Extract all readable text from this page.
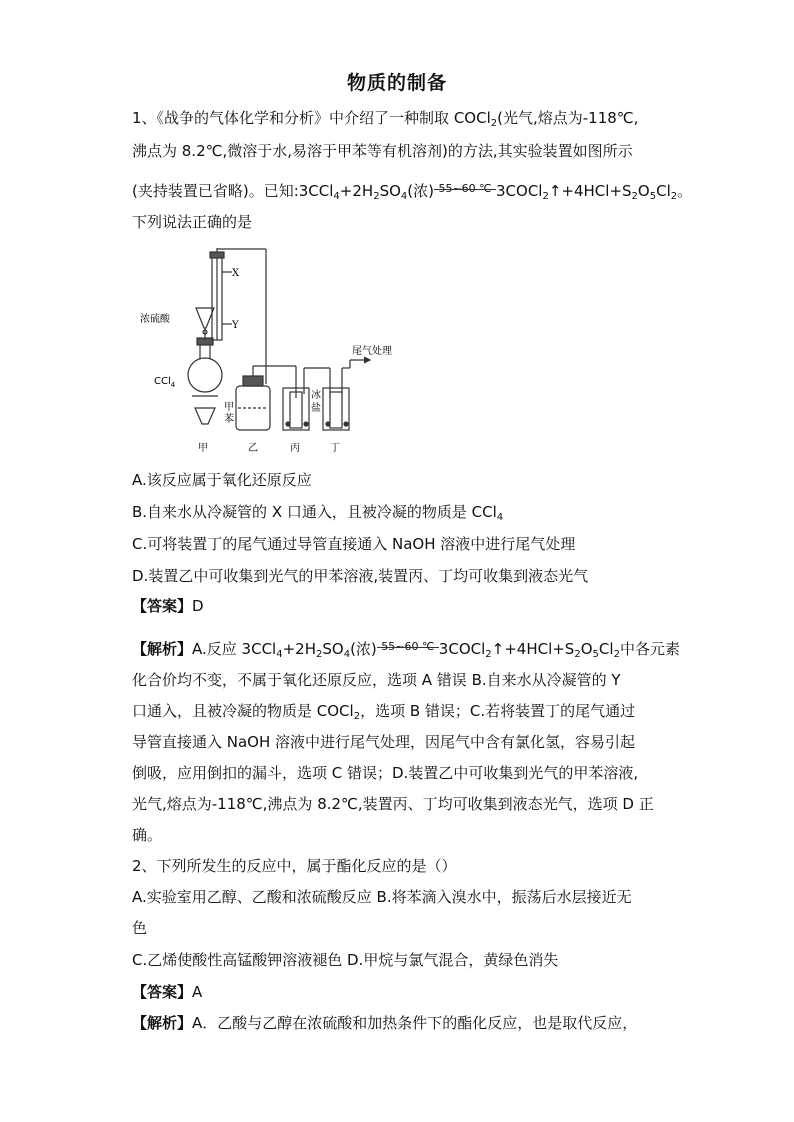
物质的制备
1、《战争的气体化学和分析》中介绍了一种制取 COCl$_2$(光气,熔点为-118℃,
沸点为 8.2℃,微溶于水,易溶于甲苯等有机溶剂)的方法,其实验装置如图所示
(夹持装置已省略)。已知$:3CCl_4+2H_2SO_4$(浓) 55~60 ℃ $3COCl_2↑+4HCl+S_2O_5Cl_2$。
下列说法正确的是
浓硫酸
CCl$_4$
X
Y
尾气处理
甲
苯
冰
盐
甲	乙	丙	丁
A.该反应属于氧化还原反应
B.自来水从冷凝管的 X 口通入，且被冷凝的物质是 CCl$_4$
C.可将装置丁的尾气通过导管直接通入 NaOH 溶液中进行尾气处理
D.装置乙中可收集到光气的甲苯溶液,装置丙、丁均可收集到液态光气
【答案】D
【解析】A.反应 $3CCl_4+2H_2SO_4$(浓) 55~60 ℃ $3COCl_2↑+4HCl+S_2O_5Cl_2$中各元素
化合价均不变，不属于氧化还原反应，选项 A 错误 B.自来水从冷凝管的 Y
口通入，且被冷凝的物质是 COCl$_2$，选项 B 错误；C.若将装置丁的尾气通过
导管直接通入 NaOH 溶液中进行尾气处理，因尾气中含有氯化氢，容易引起
倒吸，应用倒扣的漏斗，选项 C 错误；D.装置乙中可收集到光气的甲苯溶液,
光气,熔点为-118℃,沸点为 8.2℃,装置丙、丁均可收集到液态光气，选项 D 正
确。
2、下列所发生的反应中，属于酯化反应的是（）
A.实验室用乙醇、乙酸和浓硫酸反应 B.将苯滴入溴水中，振荡后水层接近无
色
C.乙烯使酸性高锰酸钾溶液褪色 D.甲烷与氯气混合，黄绿色消失
【答案】A
【解析】A．乙酸与乙醇在浓硫酸和加热条件下的酯化反应，也是取代反应，
